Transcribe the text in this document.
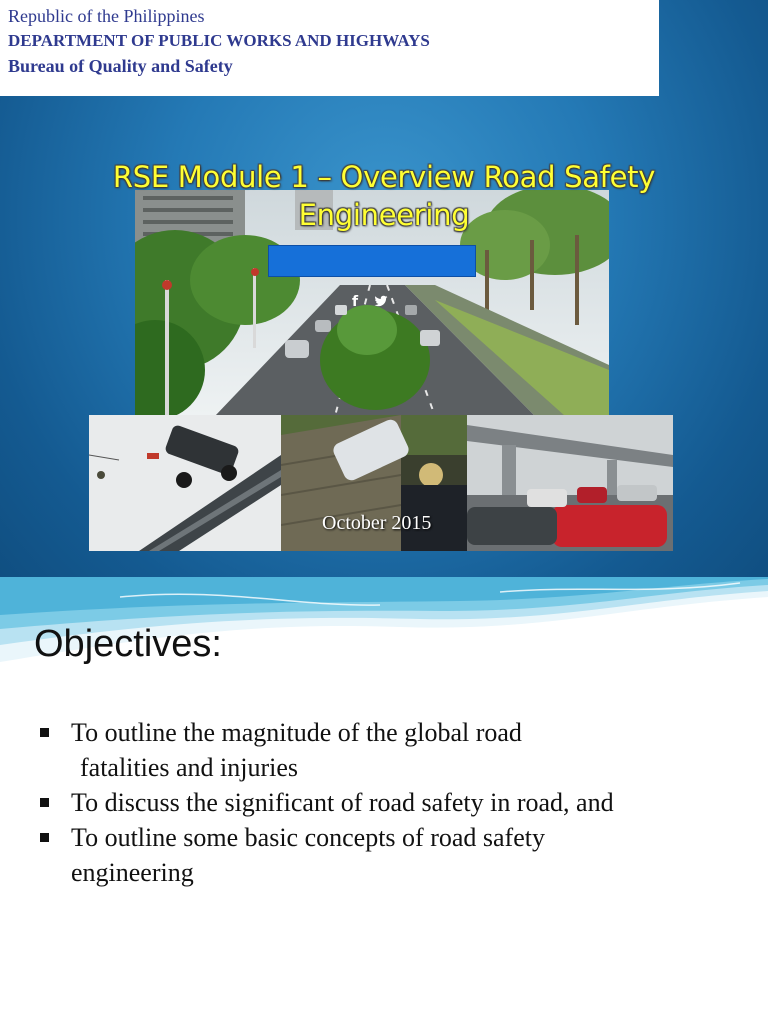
Republic of the Philippines
DEPARTMENT OF PUBLIC WORKS AND HIGHWAYS
Bureau of Quality and Safety
RSE Module 1 – Overview Road Safety
Engineering
f
October 2015
Objectives:
To outline the magnitude of the global road
fatalities and injuries
To discuss the significant of road safety in road, and
To outline some basic concepts of road safety
engineering
